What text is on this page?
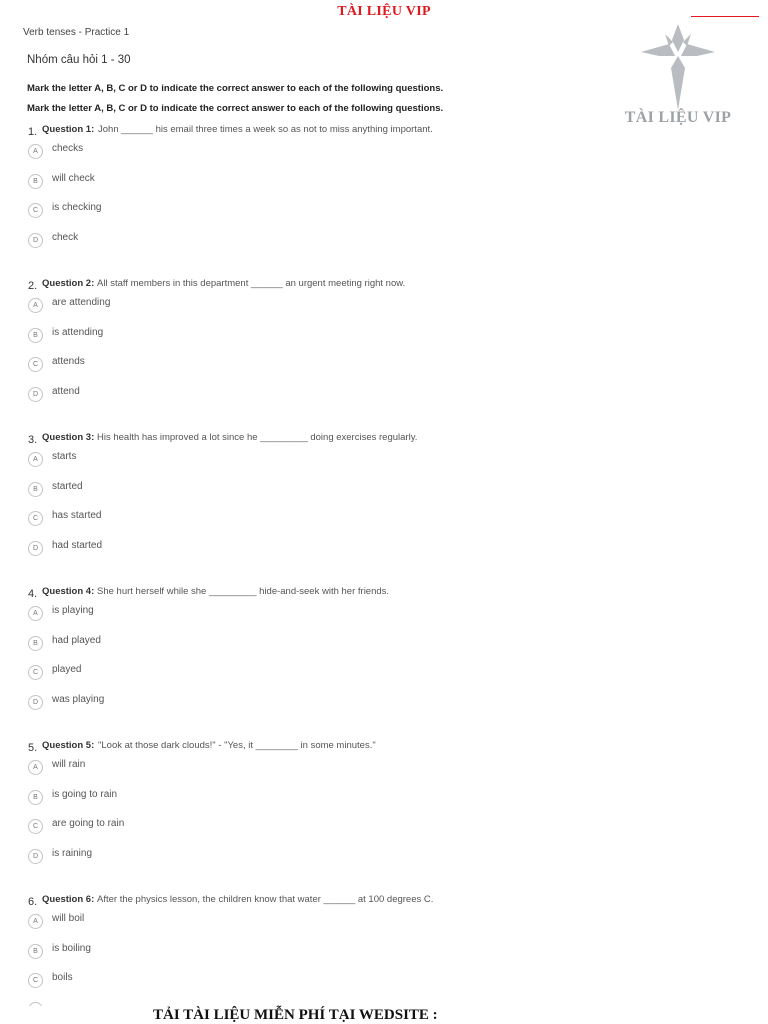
TÀI LIỆU VIP
TÀI LIỆU VIP
Verb tenses - Practice 1
Nhóm câu hỏi 1 - 30
Mark the letter A, B, C or D to indicate the correct answer to each of the following questions.
Mark the letter A, B, C or D to indicate the correct answer to each of the following questions.
1. Question 1: John ______ his email three times a week so as not to miss anything important.
A	checks
B	will check
C	is checking
D	check
2. Question 2: All staff members in this department ______ an urgent meeting right now.
A	are attending
B	is attending
C	attends
D	attend
3. Question 3: His health has improved a lot since he _________ doing exercises regularly.
A	starts
B	started
C	has started
D	had started
4. Question 4: She hurt herself while she _________ hide-and-seek with her friends.
A	is playing
B	had played
C	played
D	was playing
5. Question 5: "Look at those dark clouds!" - "Yes, it ________ in some minutes."
A	will rain
B	is going to rain
C	are going to rain
D	is raining
6. Question 6: After the physics lesson, the children know that water ______ at 100 degrees C.
A	will boil
B	is boiling
C	boils
TẢI TÀI LIỆU MIỄN PHÍ TẠI WEDSITE :
